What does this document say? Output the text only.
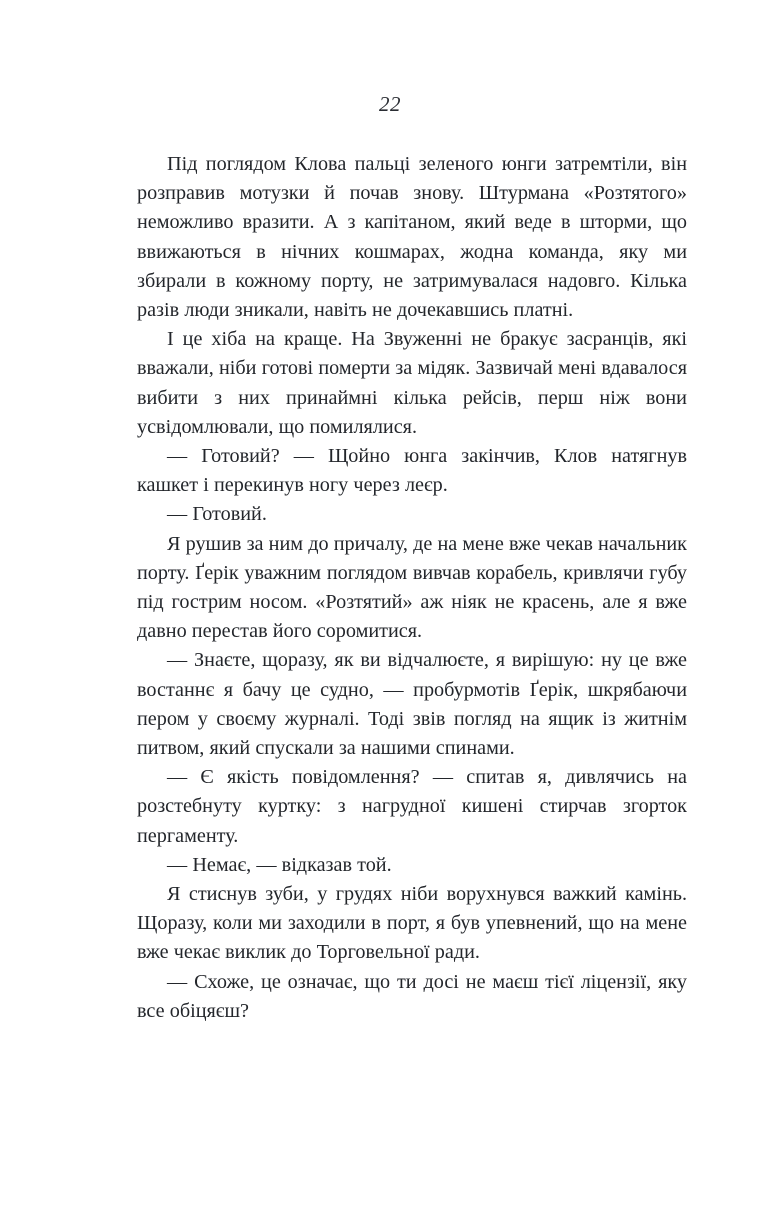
22

Під поглядом Клова пальці зеленого юнги затремтіли, він розправив мотузки й почав знову. Штурмана «Розтятого» неможливо вразити. А з капітаном, який веде в шторми, що ввижаються в нічних кошмарах, жодна команда, яку ми збирали в кожному порту, не затримувалася надовго. Кілька разів люди зникали, навіть не дочекавшись платні.

І це хіба на краще. На Звуженні не бракує засранців, які вважали, ніби готові померти за мідяк. Зазвичай мені вдавалося вибити з них принаймні кілька рейсів, перш ніж вони усвідомлювали, що помилялися.

— Готовий? — Щойно юнга закінчив, Клов натягнув кашкет і перекинув ногу через леєр.

— Готовий.

Я рушив за ним до причалу, де на мене вже чекав начальник порту. Ґерік уважним поглядом вивчав корабель, кривлячи губу під гострим носом. «Розтятий» аж ніяк не красень, але я вже давно перестав його соромитися.

— Знаєте, щоразу, як ви відчалюєте, я вирішую: ну це вже востаннє я бачу це судно, — пробурмотів Ґерік, шкрябаючи пером у своєму журналі. Тоді звів погляд на ящик із житнім питвом, який спускали за нашими спинами.

— Є якість повідомлення? — спитав я, дивлячись на розстебнуту куртку: з нагрудної кишені стирчав згорток пергаменту.

— Немає, — відказав той.

Я стиснув зуби, у грудях ніби ворухнувся важкий камінь. Щоразу, коли ми заходили в порт, я був упевнений, що на мене вже чекає виклик до Торговельної ради.

— Схоже, це означає, що ти досі не маєш тієї ліцензії, яку все обіцяєш?
